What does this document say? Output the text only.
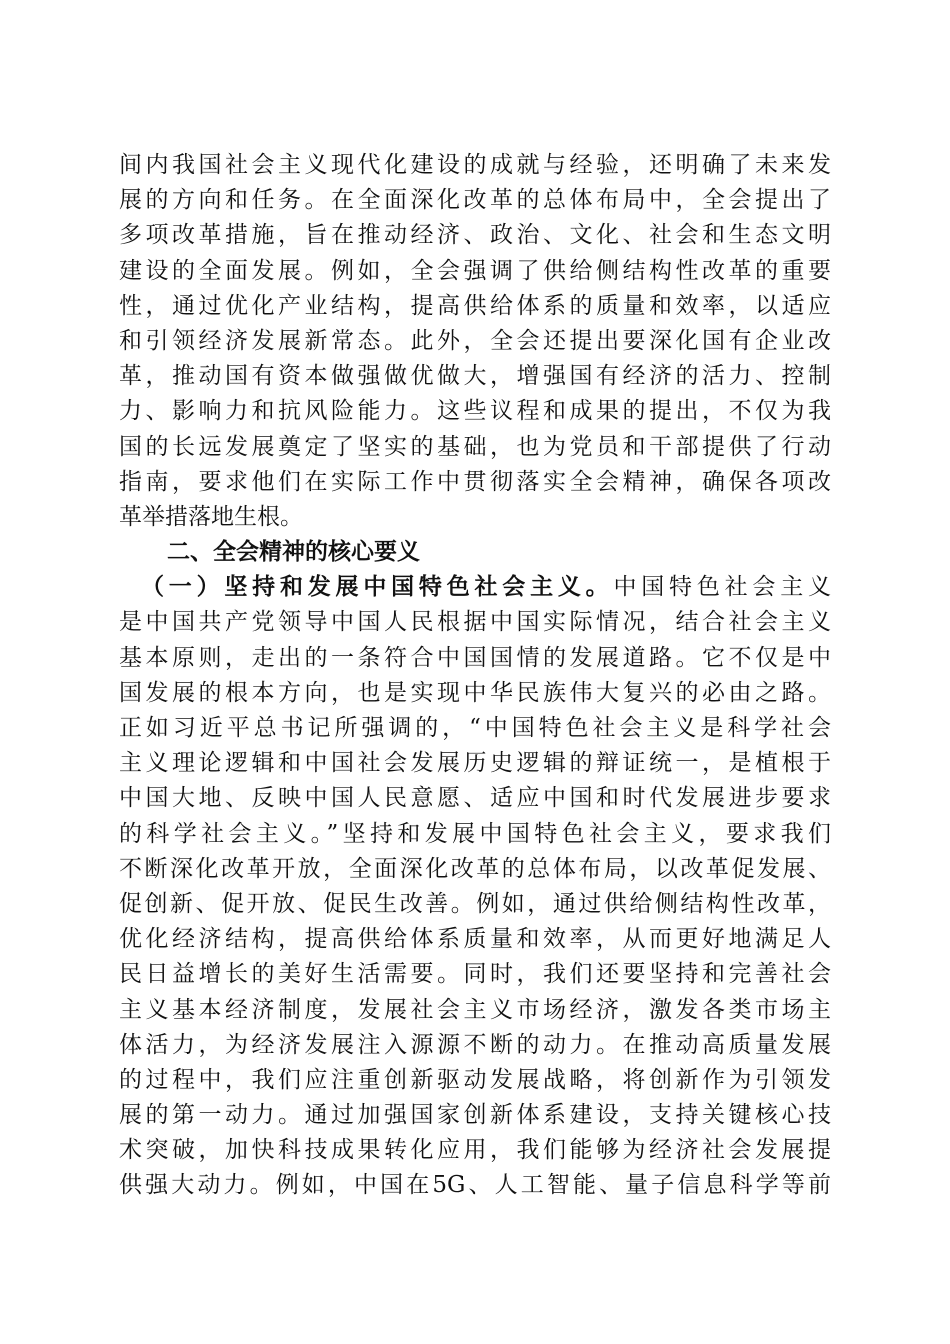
间内我国社会主义现代化建设的成就与经验，还明确了未来发
展的方向和任务。在全面深化改革的总体布局中，全会提出了
多项改革措施，旨在推动经济、政治、文化、社会和生态文明
建设的全面发展。例如，全会强调了供给侧结构性改革的重要
性，通过优化产业结构，提高供给体系的质量和效率，以适应
和引领经济发展新常态。此外，全会还提出要深化国有企业改
革，推动国有资本做强做优做大，增强国有经济的活力、控制
力、影响力和抗风险能力。这些议程和成果的提出，不仅为我
国的长远发展奠定了坚实的基础，也为党员和干部提供了行动
指南，要求他们在实际工作中贯彻落实全会精神，确保各项改
革举措落地生根。
二、全会精神的核心要义
（一）坚持和发展中国特色社会主义。中国特色社会主义
是中国共产党领导中国人民根据中国实际情况，结合社会主义
基本原则，走出的一条符合中国国情的发展道路。它不仅是中
国发展的根本方向，也是实现中华民族伟大复兴的必由之路。
正如习近平总书记所强调的，“中国特色社会主义是科学社会
主义理论逻辑和中国社会发展历史逻辑的辩证统一，是植根于
中国大地、反映中国人民意愿、适应中国和时代发展进步要求
的科学社会主义。”坚持和发展中国特色社会主义，要求我们
不断深化改革开放，全面深化改革的总体布局，以改革促发展、
促创新、促开放、促民生改善。例如，通过供给侧结构性改革，
优化经济结构，提高供给体系质量和效率，从而更好地满足人
民日益增长的美好生活需要。同时，我们还要坚持和完善社会
主义基本经济制度，发展社会主义市场经济，激发各类市场主
体活力，为经济发展注入源源不断的动力。在推动高质量发展
的过程中，我们应注重创新驱动发展战略，将创新作为引领发
展的第一动力。通过加强国家创新体系建设，支持关键核心技
术突破，加快科技成果转化应用，我们能够为经济社会发展提
供强大动力。例如，中国在5G、人工智能、量子信息科学等前
